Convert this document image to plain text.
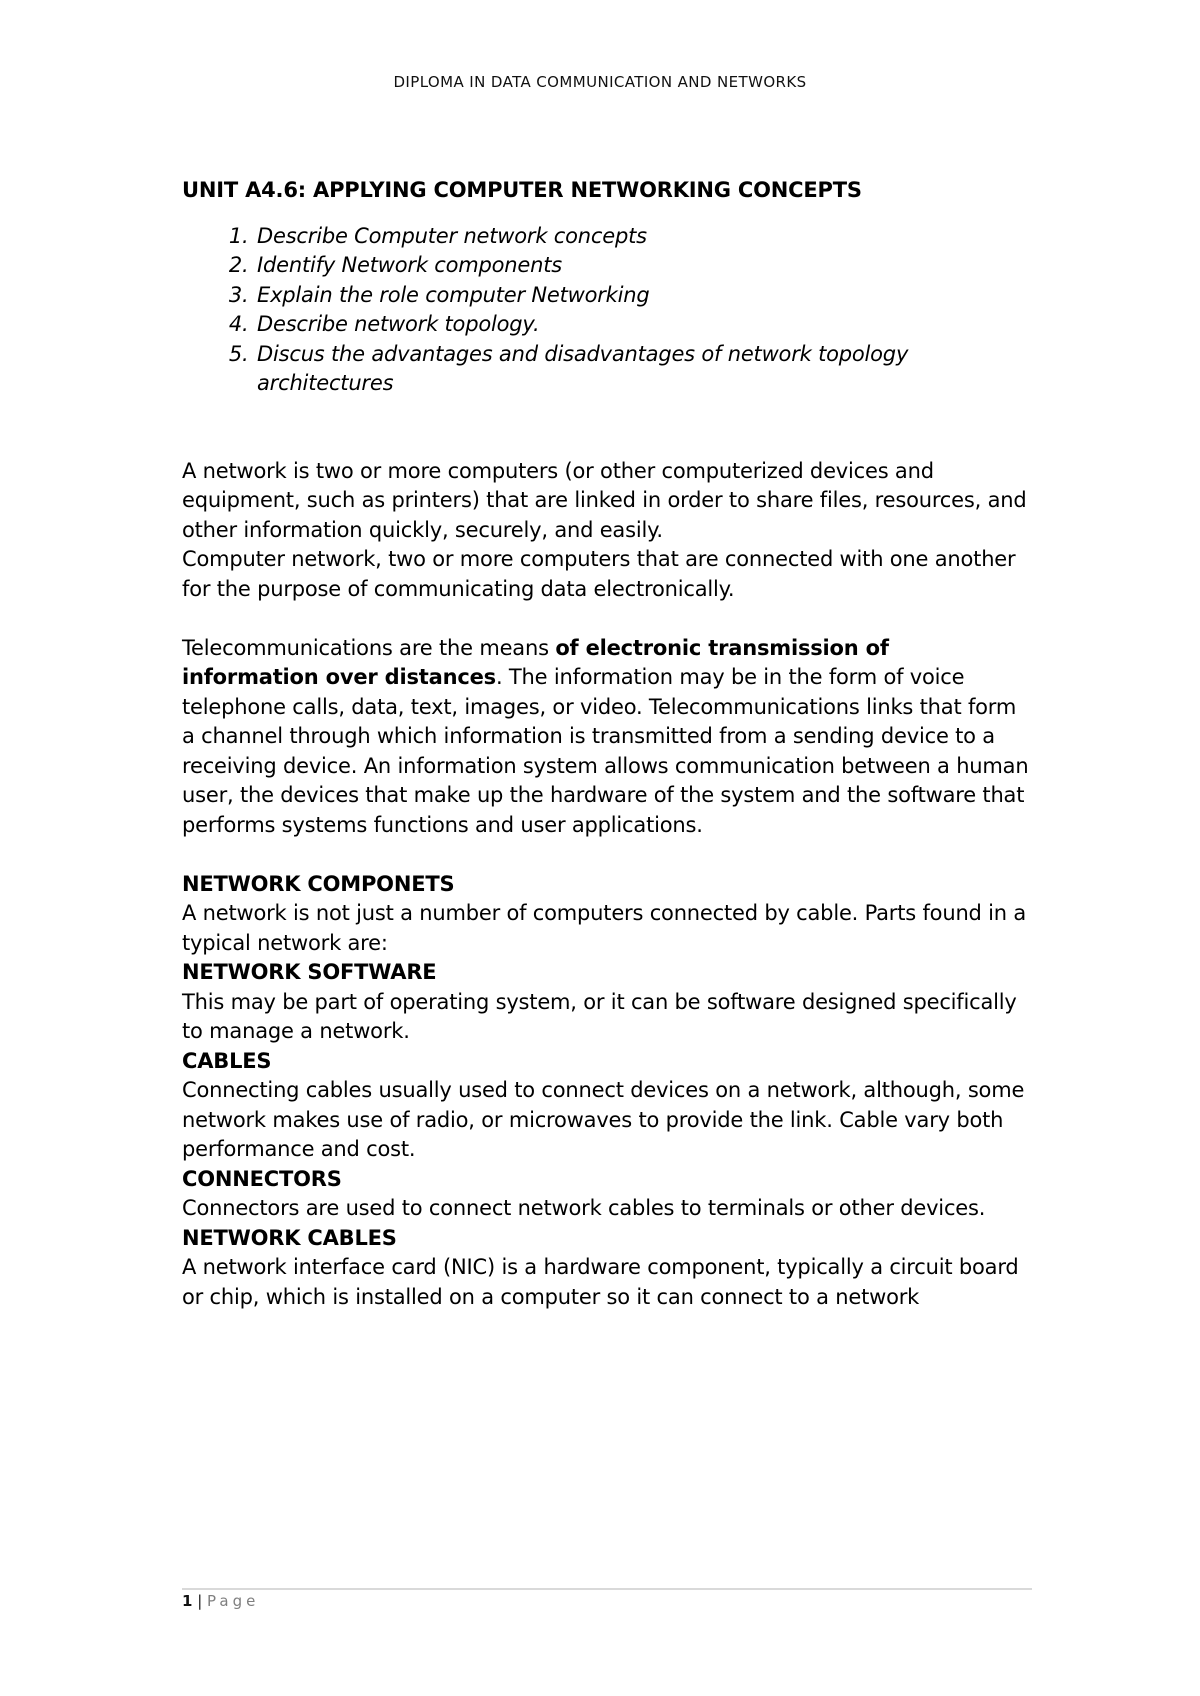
DIPLOMA IN DATA COMMUNICATION AND NETWORKS
UNIT A4.6: APPLYING COMPUTER NETWORKING CONCEPTS
1. Describe Computer network concepts
2. Identify Network components
3. Explain the role computer Networking
4. Describe network topology.
5. Discus the advantages and disadvantages of network topology architectures

A network is two or more computers (or other computerized devices and equipment, such as printers) that are linked in order to share files, resources, and other information quickly, securely, and easily.

Computer network, two or more computers that are connected with one another for the purpose of communicating data electronically.

Telecommunications are the means of electronic transmission of information over distances. The information may be in the form of voice telephone calls, data, text, images, or video. Telecommunications links that form a channel through which information is transmitted from a sending device to a receiving device. An information system allows communication between a human user, the devices that make up the hardware of the system and the software that performs systems functions and user applications.

NETWORK COMPONETS

A network is not just a number of computers connected by cable. Parts found in a typical network are:

NETWORK SOFTWARE

This may be part of operating system, or it can be software designed specifically to manage a network.

CABLES

Connecting cables usually used to connect devices on a network, although, some network makes use of radio, or microwaves to provide the link. Cable vary both performance and cost.

CONNECTORS

Connectors are used to connect network cables to terminals or other devices.

NETWORK CABLES

A network interface card (NIC) is a hardware component, typically a circuit board or chip, which is installed on a computer so it can connect to a network

1 | Page
